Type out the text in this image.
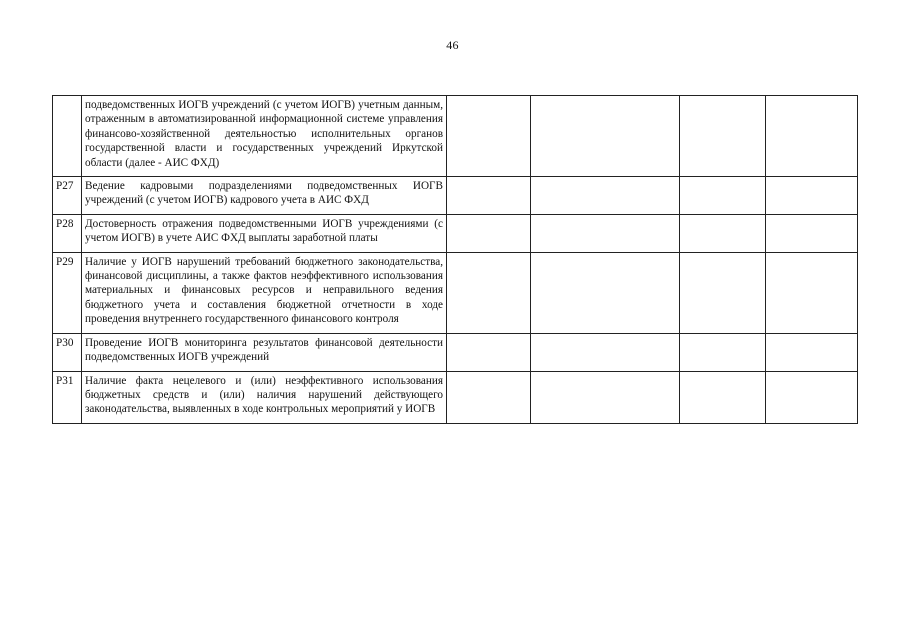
46
	подведомственных ИОГВ учреждений (с учетом ИОГВ) учетным данным, отраженным в автоматизированной информационной системе управления финансово-хозяйственной деятельностью исполнительных органов государственной власти и государственных учреждений Иркутской области (далее - АИС ФХД)				
Р27	Ведение кадровыми подразделениями подведомственных ИОГВ учреждений (с учетом ИОГВ) кадрового учета в АИС ФХД				
Р28	Достоверность отражения подведомственными ИОГВ учреждениями (с учетом ИОГВ) в учете АИС ФХД выплаты заработной платы				
Р29	Наличие у ИОГВ нарушений требований бюджетного законодательства, финансовой дисциплины, а также фактов неэффективного использования материальных и финансовых ресурсов и неправильного ведения бюджетного учета и составления бюджетной отчетности в ходе проведения внутреннего государственного финансового контроля				
Р30	Проведение ИОГВ мониторинга результатов финансовой деятельности подведомственных ИОГВ учреждений				
Р31	Наличие факта нецелевого и (или) неэффективного использования бюджетных средств и (или) наличия нарушений действующего законодательства, выявленных в ходе контрольных мероприятий у ИОГВ				
